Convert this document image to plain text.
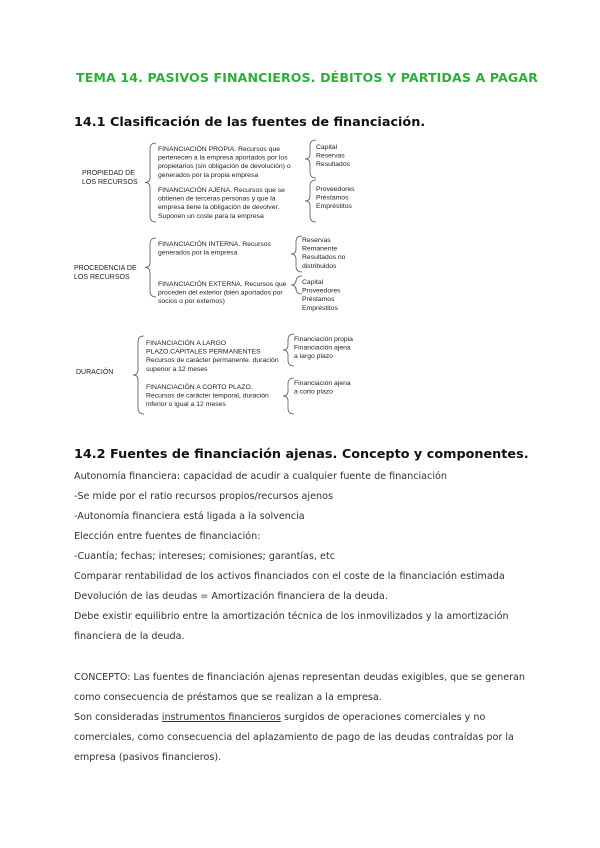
TEMA 14. PASIVOS FINANCIEROS. DÉBITOS Y PARTIDAS A PAGAR
14.1 Clasificación de las fuentes de financiación.
PROPIEDAD DE
LOS RECURSOS
FINANCIACIÓN PROPIA. Recursos que
pertenecen a la empresa aportados por los
propietarios (sin obligación de devolución) o
generados por la propia empresa
Capital
Reservas
Resultados
FINANCIACIÓN AJENA. Recursos que se
obtienen de terceras personas y que la
empresa tiene la obligación de devolver.
Suponen un coste para la empresa
Proveedores
Préstamos
Empréstitos
PROCEDENCIA DE
LOS RECURSOS
FINANCIACIÓN INTERNA. Recursos
generados por la empresa
Reservas
Remanente
Resultados no
distribuidos
FINANCIACIÓN EXTERNA. Recursos que
proceden del exterior (bien aportados por
socios o por externos)
Capital
Proveedores
Préstamos
Empréstitos
DURACIÓN
FINANCIACIÓN A LARGO
PLAZO.CAPITALES PERMANENTES
Recursos de carácter permanente. duración
superior a 12 meses
Financiación propia
Financiación ajena
a largo plazo
FINANCIACIÓN A CORTO PLAZO.
Recursos de carácter temporal, duración
inferior o igual a 12 meses
Financiación ajena
a corto plazo
14.2 Fuentes de financiación ajenas. Concepto y componentes.
Autonomía financiera: capacidad de acudir a cualquier fuente de financiación
-Se mide por el ratio recursos propios/recursos ajenos
-Autonomía financiera está ligada a la solvencia
Elección entre fuentes de financiación:
-Cuantía; fechas; intereses; comisiones; garantías, etc
Comparar rentabilidad de los activos financiados con el coste de la financiación estimada
Devolución de las deudas = Amortización financiera de la deuda.
Debe existir equilibrio entre la amortización técnica de los inmovilizados y la amortización financiera de la deuda.
CONCEPTO: Las fuentes de financiación ajenas representan deudas exigibles, que se generan como consecuencia de préstamos que se realizan a la empresa.
Son consideradas instrumentos financieros surgidos de operaciones comerciales y no comerciales, como consecuencia del aplazamiento de pago de las deudas contraídas por la empresa (pasivos financieros).
